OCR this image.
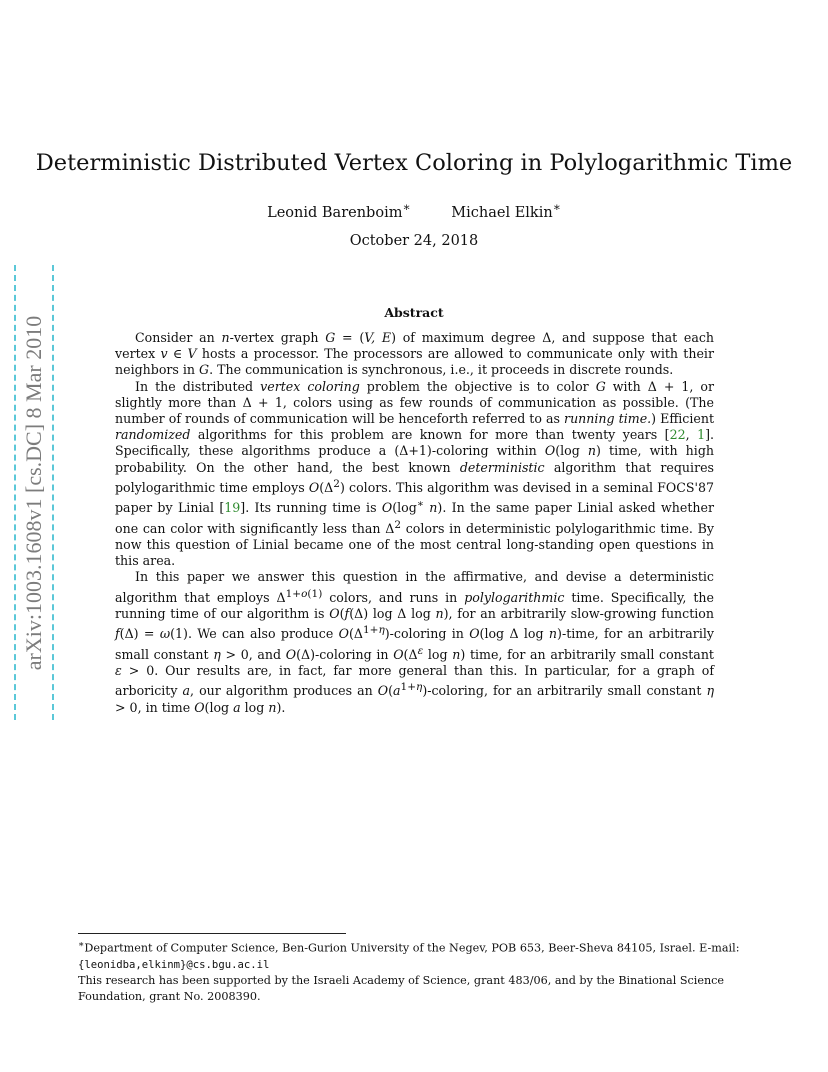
arXiv:1003.1608v1 [cs.DC] 8 Mar 2010
Deterministic Distributed Vertex Coloring in Polylogarithmic Time
Leonid Barenboim∗	Michael Elkin∗
October 24, 2018
Abstract

Consider an n-vertex graph G = (V, E) of maximum degree Δ, and suppose that each vertex v ∈ V hosts a processor. The processors are allowed to communicate only with their neighbors in G. The communication is synchronous, i.e., it proceeds in discrete rounds.

In the distributed vertex coloring problem the objective is to color G with Δ + 1, or slightly more than Δ + 1, colors using as few rounds of communication as possible. (The number of rounds of communication will be henceforth referred to as running time.) Efficient randomized algorithms for this problem are known for more than twenty years [22, 1]. Specifically, these algorithms produce a (Δ+1)-coloring within O(log n) time, with high probability. On the other hand, the best known deterministic algorithm that requires polylogarithmic time employs $O(\Delta^2)$ colors. This algorithm was devised in a seminal FOCS'87 paper by Linial [19]. Its running time is O(log∗ n). In the same paper Linial asked whether one can color with significantly less than $\Delta^2$ colors in deterministic polylogarithmic time. By now this question of Linial became one of the most central long-standing open questions in this area.

In this paper we answer this question in the affirmative, and devise a deterministic algorithm that employs $\Delta^{1+o(1)}$ colors, and runs in polylogarithmic time. Specifically, the running time of our algorithm is O(f(Δ) log Δ log n), for an arbitrarily slow-growing function f(Δ) = ω(1). We can also produce $O(\Delta^{1+\eta})$-coloring in O(log Δ log n)-time, for an arbitrarily small constant η > 0, and O(Δ)-coloring in $O(\Delta^\varepsilon$ log n) time, for an arbitrarily small constant ε > 0. Our results are, in fact, far more general than this. In particular, for a graph of arboricity a, our algorithm produces an $O(a^{1+\eta})$-coloring, for an arbitrarily small constant η > 0, in time O(log a log n).

∗Department of Computer Science, Ben-Gurion University of the Negev, POB 653, Beer-Sheva 84105, Israel. E-mail: {leonidba,elkinm}@cs.bgu.ac.il

This research has been supported by the Israeli Academy of Science, grant 483/06, and by the Binational Science Foundation, grant No. 2008390.
